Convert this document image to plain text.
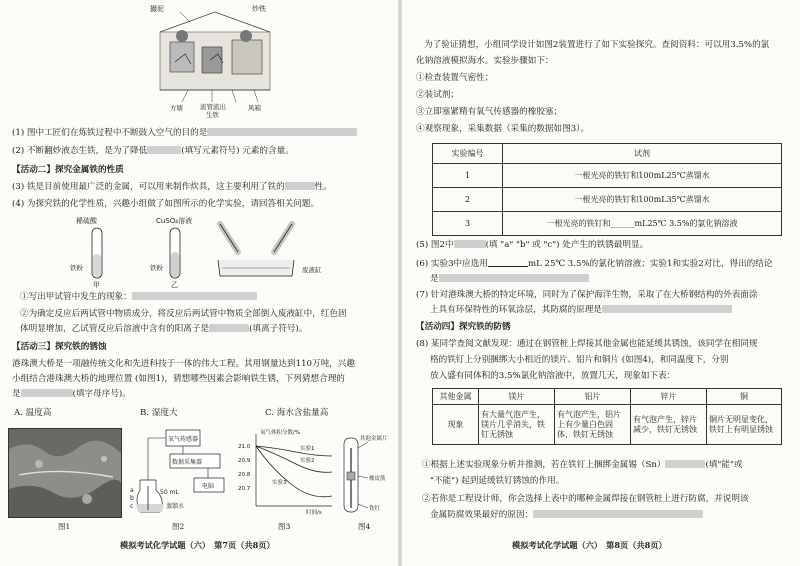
撮泥	炒铁
方塘	流管流出
生铁
风箱
(1) 图中工匠们在炼铁过程中不断鼓入空气的目的是
(2) 不断翻炒液态生铁，是为了降低	(填写元素符号) 元素的含量。
【活动二】探究金属铁的性质
(3) 铁是目前使用最广泛的金属，可以用来制作炊具，这主要利用了铁的	性。
(4) 为探究铁的化学性质，兴趣小组做了如图所示的化学实验，请回答相关问题。
稀硫酸	CuSO₄溶液
铁粉	铁粉
甲	乙
废液缸
①写出甲试管中发生的现象：
②为确定反应后两试管中物质成分，将反应后两试管中物质全部倒入废液缸中，红色固
体明显增加，乙试管反应后溶液中含有的阳离子是	(填离子符号)。
【活动三】探究铁的锈蚀
港珠澳大桥是一项融传统文化和先进科技于一体的伟大工程。其用钢量达到110万吨，兴趣
小组结合港珠澳大桥的地理位置 (如图1)，猜想哪些因素会影响铁生锈，下列猜想合理的
是	(填字母序号)。
A. 温度高	B. 湿度大	C. 海水含盐量高
氧气传感器
数据采集器
电脑
50 mL
蒸馏水
a
b
c
21.0
20.9
20.8
20.7
氧气体积分数/%
时间/s
实验1
实验2
实验3
其他金属片
橡皮筋
铁钉
图1	图2	图3	图4
模拟考试化学试题（六）　第7页（共8页）
为了验证猜想，小组同学设计如图2装置进行了如下实验探究。查阅资料：可以用3.5%的氯
化钠溶液模拟海水。实验步骤如下：
①检查装置气密性；
②装试剂；
③立即塞紧精有氧气传感器的橡胶塞；
④观察现象，采集数据（采集的数据如图3）。
实验编号	试剂
1	一根光亮的铁钉和100mL25℃蒸馏水
2	一根光亮的铁钉和100mL35℃蒸馏水
3	一根光亮的铁钉和______mL25℃ 3.5%的氯化钠溶液
(5) 图2中	(填 "a" "b" 或 "c") 处产生的铁锈最明显。
(6) 实验3中应选用	mL 25℃ 3.5%的氯化钠溶液；实验1和实验2对比，得出的结论
是
(7) 针对港珠澳大桥的特定环境，同时为了保护海洋生物，采取了在大桥钢结构的外表面涂
上具有环保特性的环氧涂层，其防腐的原理是
【活动四】探究铁的防锈
(8) 某同学查阅文献发现：通过在钢管桩上焊接其他金属也能延缓其锈蚀，该同学在相同规
格的铁钉上分别捆绑大小相近的镁片、铝片和铜片 (如图4)，和同温度下，分别
放入盛有同体积的3.5%氯化钠溶液中，放置几天，现象如下表：
其他金属	镁片	铝片	锌片	铜
现象	有大量气泡产生，镁片几乎消失，铁钉无锈蚀	有气泡产生，铝片上有少量白色固体，铁钉无锈蚀	有气泡产生，锌片减少，铁钉无锈蚀	铜片无明显变化，铁钉上有明显锈蚀
①根据上述实验现象分析并推测，若在铁钉上捆绑金属锡（Sn）	(填"能"或
"不能") 起到延缓铁钉锈蚀的作用。
②若你是工程设计师，你会选择上表中的哪种金属焊接在钢管桩上进行防腐，并说明该
金属防腐效果最好的原因：
模拟考试化学试题（六）　第8页（共8页）
